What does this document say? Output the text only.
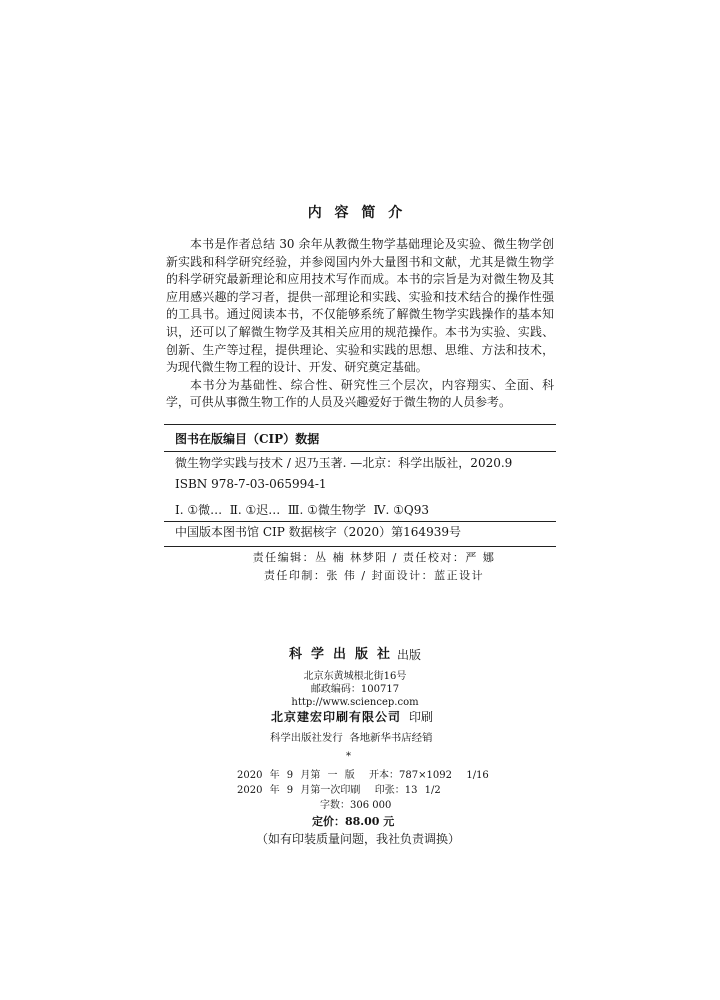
内 容 简 介
本书是作者总结 30 余年从教微生物学基础理论及实验、微生物学创
新实践和科学研究经验，并参阅国内外大量图书和文献，尤其是微生物学
的科学研究最新理论和应用技术写作而成。本书的宗旨是为对微生物及其
应用感兴趣的学习者，提供一部理论和实践、实验和技术结合的操作性强
的工具书。通过阅读本书，不仅能够系统了解微生物学实践操作的基本知
识，还可以了解微生物学及其相关应用的规范操作。本书为实验、实践、
创新、生产等过程，提供理论、实验和实践的思想、思维、方法和技术，
为现代微生物工程的设计、开发、研究奠定基础。
本书分为基础性、综合性、研究性三个层次，内容翔实、全面、科
学，可供从事微生物工作的人员及兴趣爱好于微生物的人员参考。
图书在版编目（CIP）数据
微生物学实践与技术 / 迟乃玉著. —北京：科学出版社，2020.9
ISBN 978-7-03-065994-1
Ⅰ. ①微…  Ⅱ. ①迟…  Ⅲ. ①微生物学  Ⅳ. ①Q93
中国版本图书馆 CIP 数据核字（2020）第164939号
责任编辑：丛 楠 林梦阳 / 责任校对：严 娜
责任印制：张 伟 / 封面设计：蓝正设计
科学出版社
出版
北京东黄城根北街16号
邮政编码：100717
http://www.sciencep.com
北京建宏印刷有限公司 印刷
科学出版社发行  各地新华书店经销
*
2020 年 9 月第 一 版  开本：787×1092  1/16
2020 年 9 月第一次印刷  印张：13 1/2
字数：306 000
定价：88.00 元
（如有印装质量问题，我社负责调换）
